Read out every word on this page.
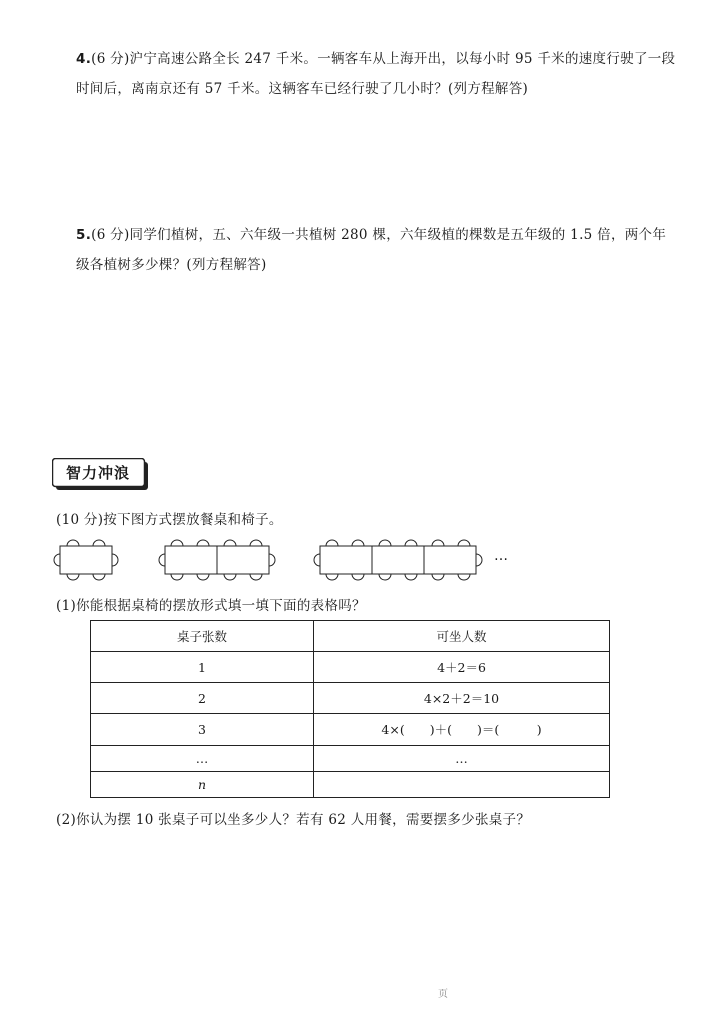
4.(6 分)沪宁高速公路全长 247 千米。一辆客车从上海开出，以每小时 95 千米的速度行驶了一段时间后，离南京还有 57 千米。这辆客车已经行驶了几小时？(列方程解答)
5.(6 分)同学们植树，五、六年级一共植树 280 棵，六年级植的棵数是五年级的 1.5 倍，两个年级各植树多少棵？(列方程解答)
智力冲浪
(10 分)按下图方式摆放餐桌和椅子。
…
(1)你能根据桌椅的摆放形式填一填下面的表格吗？
桌子张数	可坐人数
1	4＋2＝6
2	4×2＋2＝10
3	4×(　　)＋(　　)＝(　　　)
…	…
n	
(2)你认为摆 10 张桌子可以坐多少人？若有 62 人用餐，需要摆多少张桌子？
页
